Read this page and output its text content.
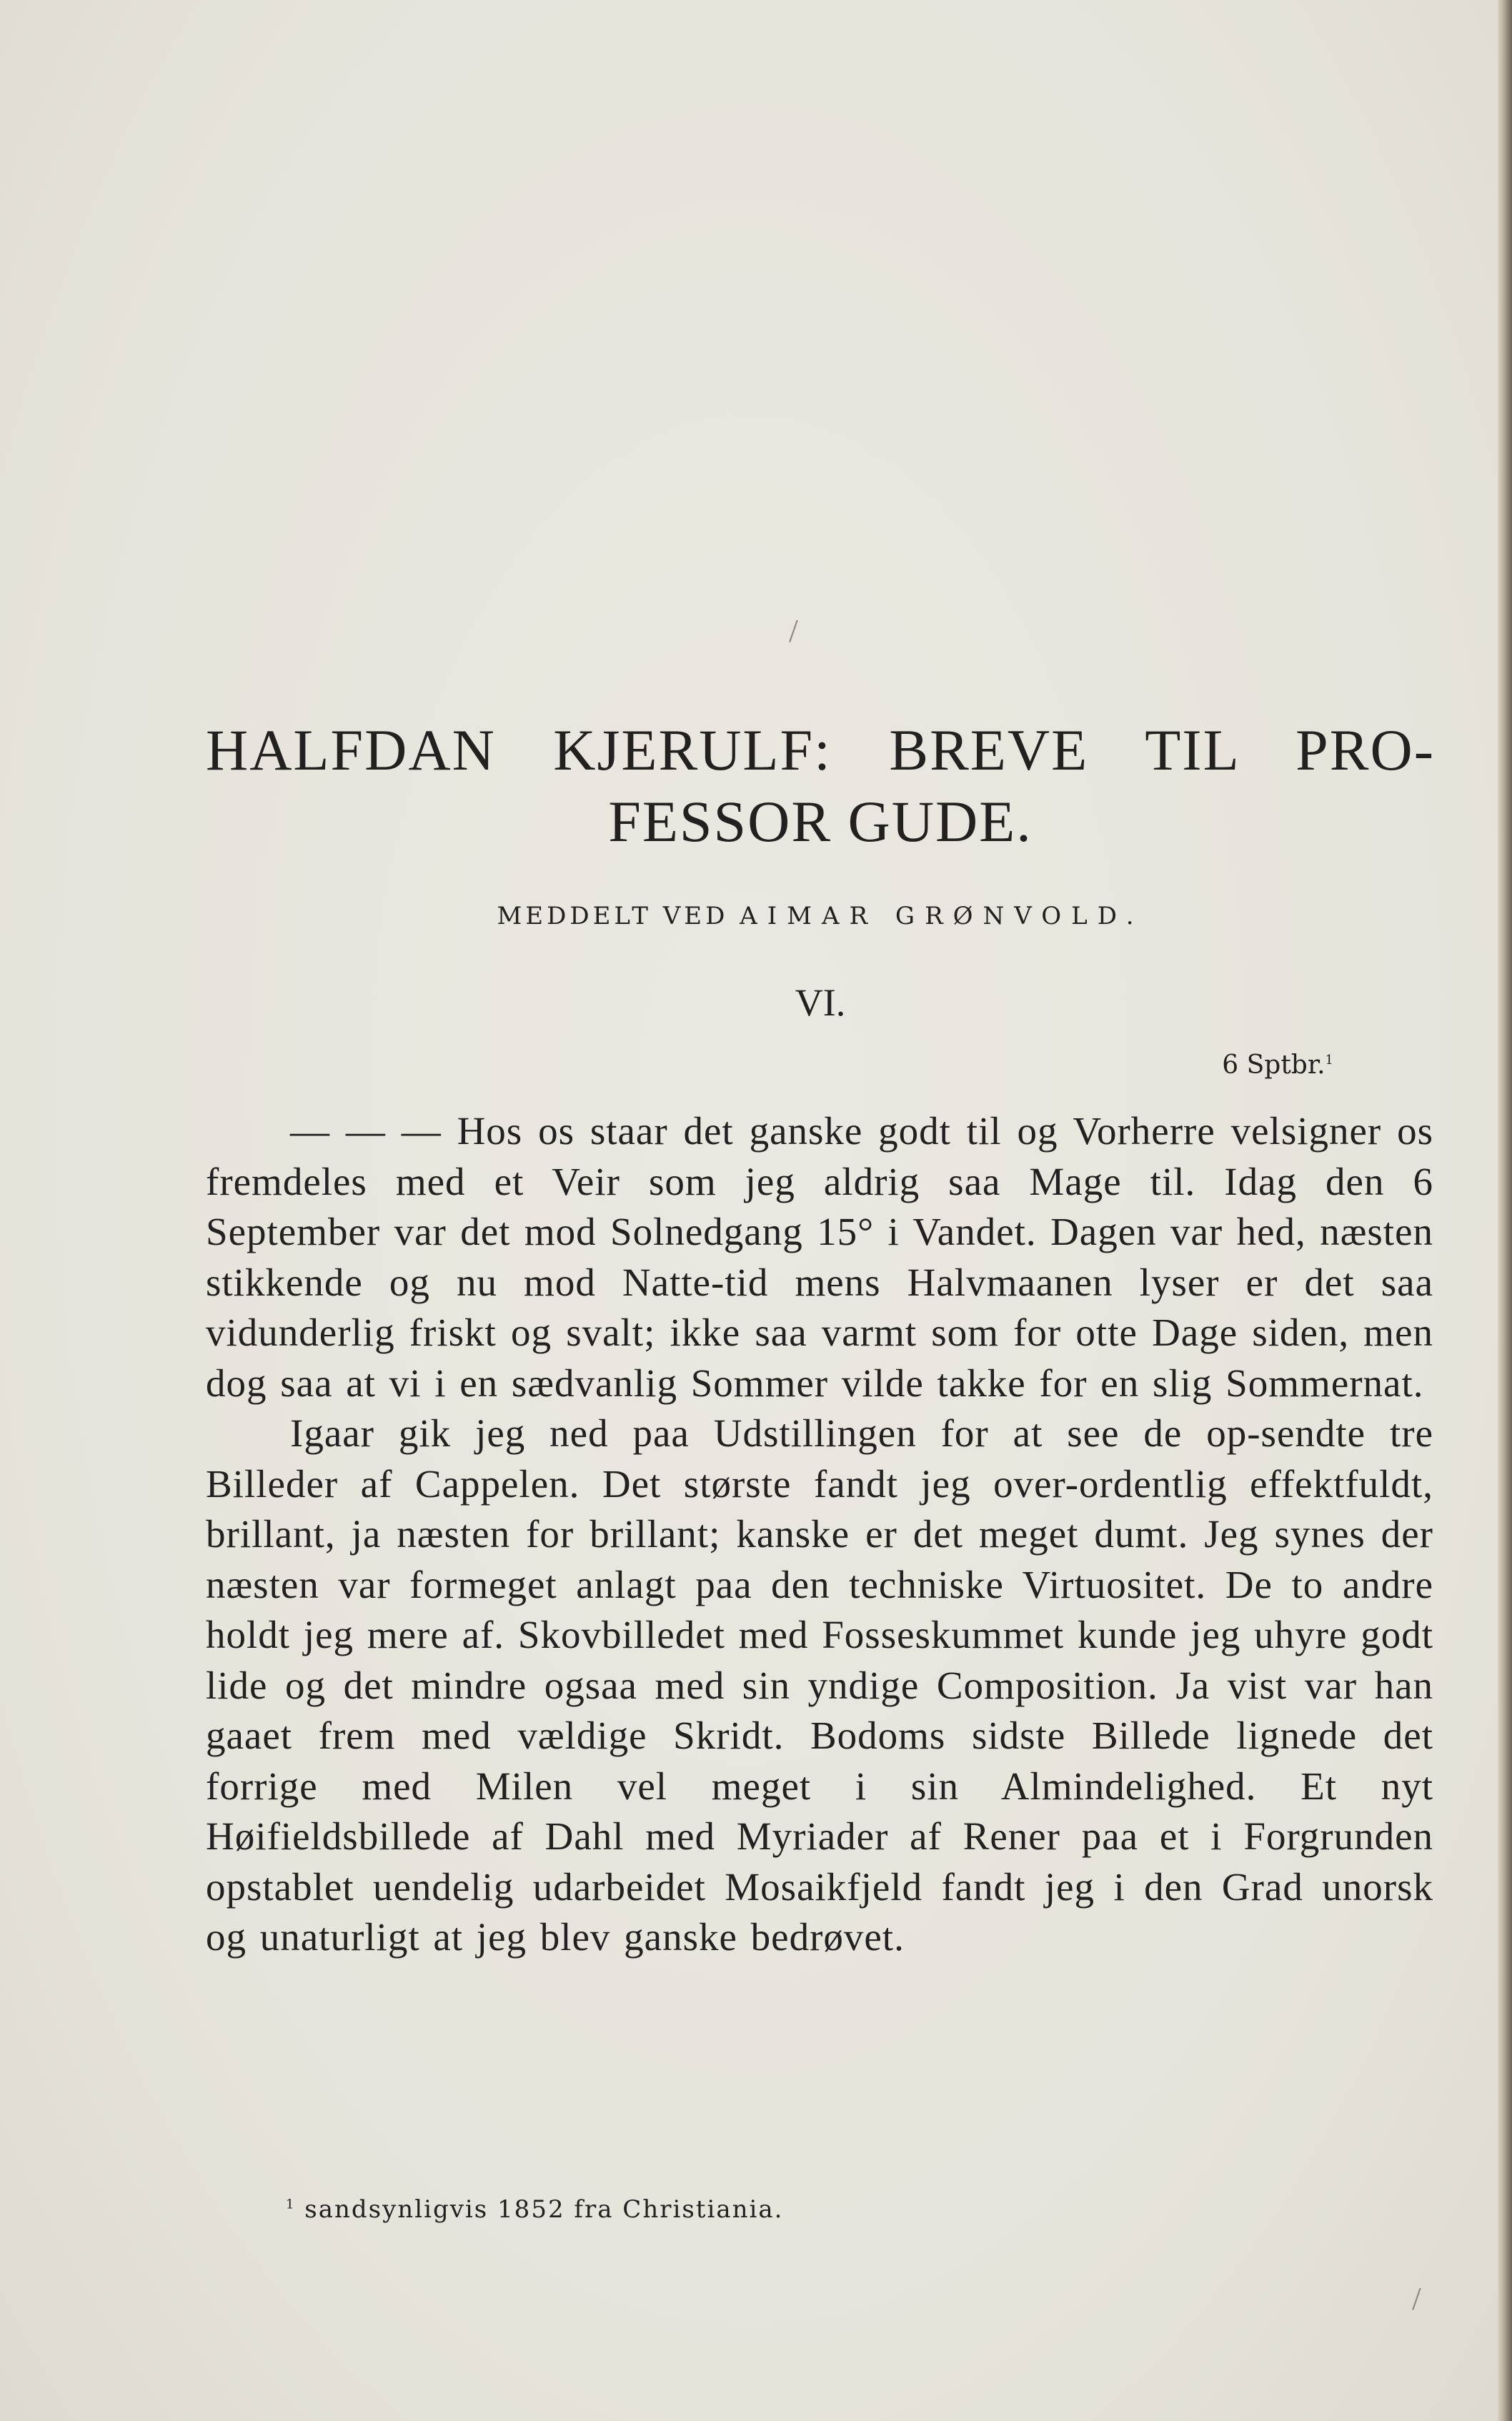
HALFDAN KJERULF: BREVE TIL PRO-
FESSOR GUDE.
MEDDELT VED AIMAR GRØNVOLD.
VI.
6 Sptbr.$^1$

— — — Hos os staar det ganske godt til og Vorherre velsigner os fremdeles med et Veir som jeg aldrig saa Mage til. Idag den 6 September var det mod Solnedgang 15° i Vandet. Dagen var hed, næsten stikkende og nu mod Natte-tid mens Halvmaanen lyser er det saa vidunderlig friskt og svalt; ikke saa varmt som for otte Dage siden, men dog saa at vi i en sædvanlig Sommer vilde takke for en slig Sommernat.

Igaar gik jeg ned paa Udstillingen for at see de op-sendte tre Billeder af Cappelen. Det største fandt jeg over-ordentlig effektfuldt, brillant, ja næsten for brillant; kanske er det meget dumt. Jeg synes der næsten var formeget anlagt paa den techniske Virtuositet. De to andre holdt jeg mere af. Skovbilledet med Fosseskummet kunde jeg uhyre godt lide og det mindre ogsaa med sin yndige Composition. Ja vist var han gaaet frem med vældige Skridt. Bodoms sidste Billede lignede det forrige med Milen vel meget i sin Almindelighed. Et nyt Høifieldsbillede af Dahl med Myriader af Rener paa et i Forgrunden opstablet uendelig udarbeidet Mosaikfjeld fandt jeg i den Grad unorsk og unaturligt at jeg blev ganske bedrøvet.

$^1$ sandsynligvis 1852 fra Christiania.
/
/
